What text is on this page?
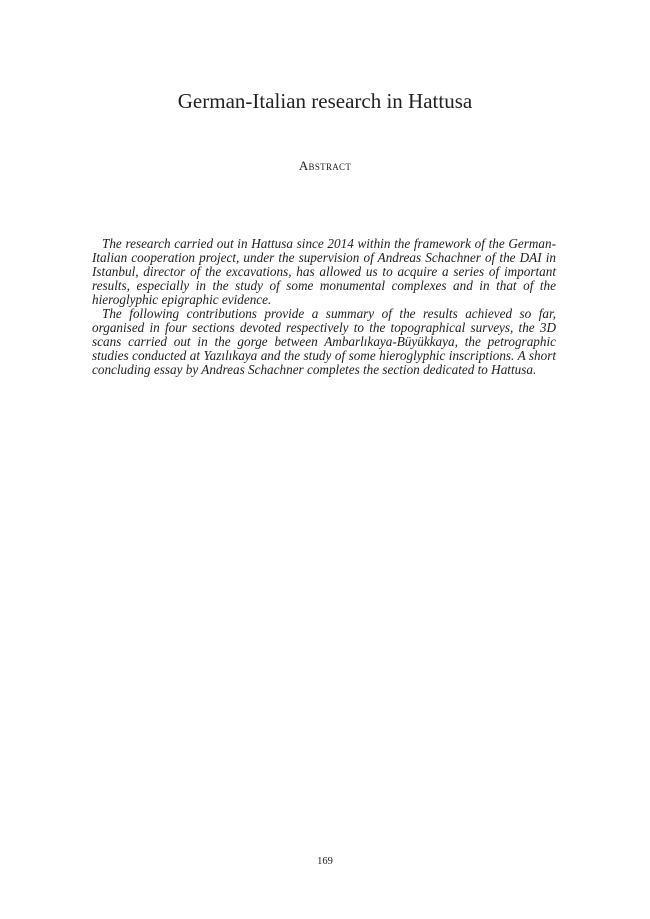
German-Italian research in Hattusa
Abstract

The research carried out in Hattusa since 2014 within the framework of the German-Italian cooperation project, under the supervision of Andreas Schachner of the DAI in Istanbul, director of the excavations, has allowed us to acquire a series of important results, especially in the study of some monumental complexes and in that of the hieroglyphic epigraphic evidence.

The following contributions provide a summary of the results achieved so far, organised in four sections devoted respectively to the topographical surveys, the 3D scans carried out in the gorge between Ambarlıkaya-Büyükkaya, the petrographic studies conducted at Yazılıkaya and the study of some hieroglyphic inscriptions. A short concluding essay by Andreas Schachner completes the section dedicated to Hattusa.

169
